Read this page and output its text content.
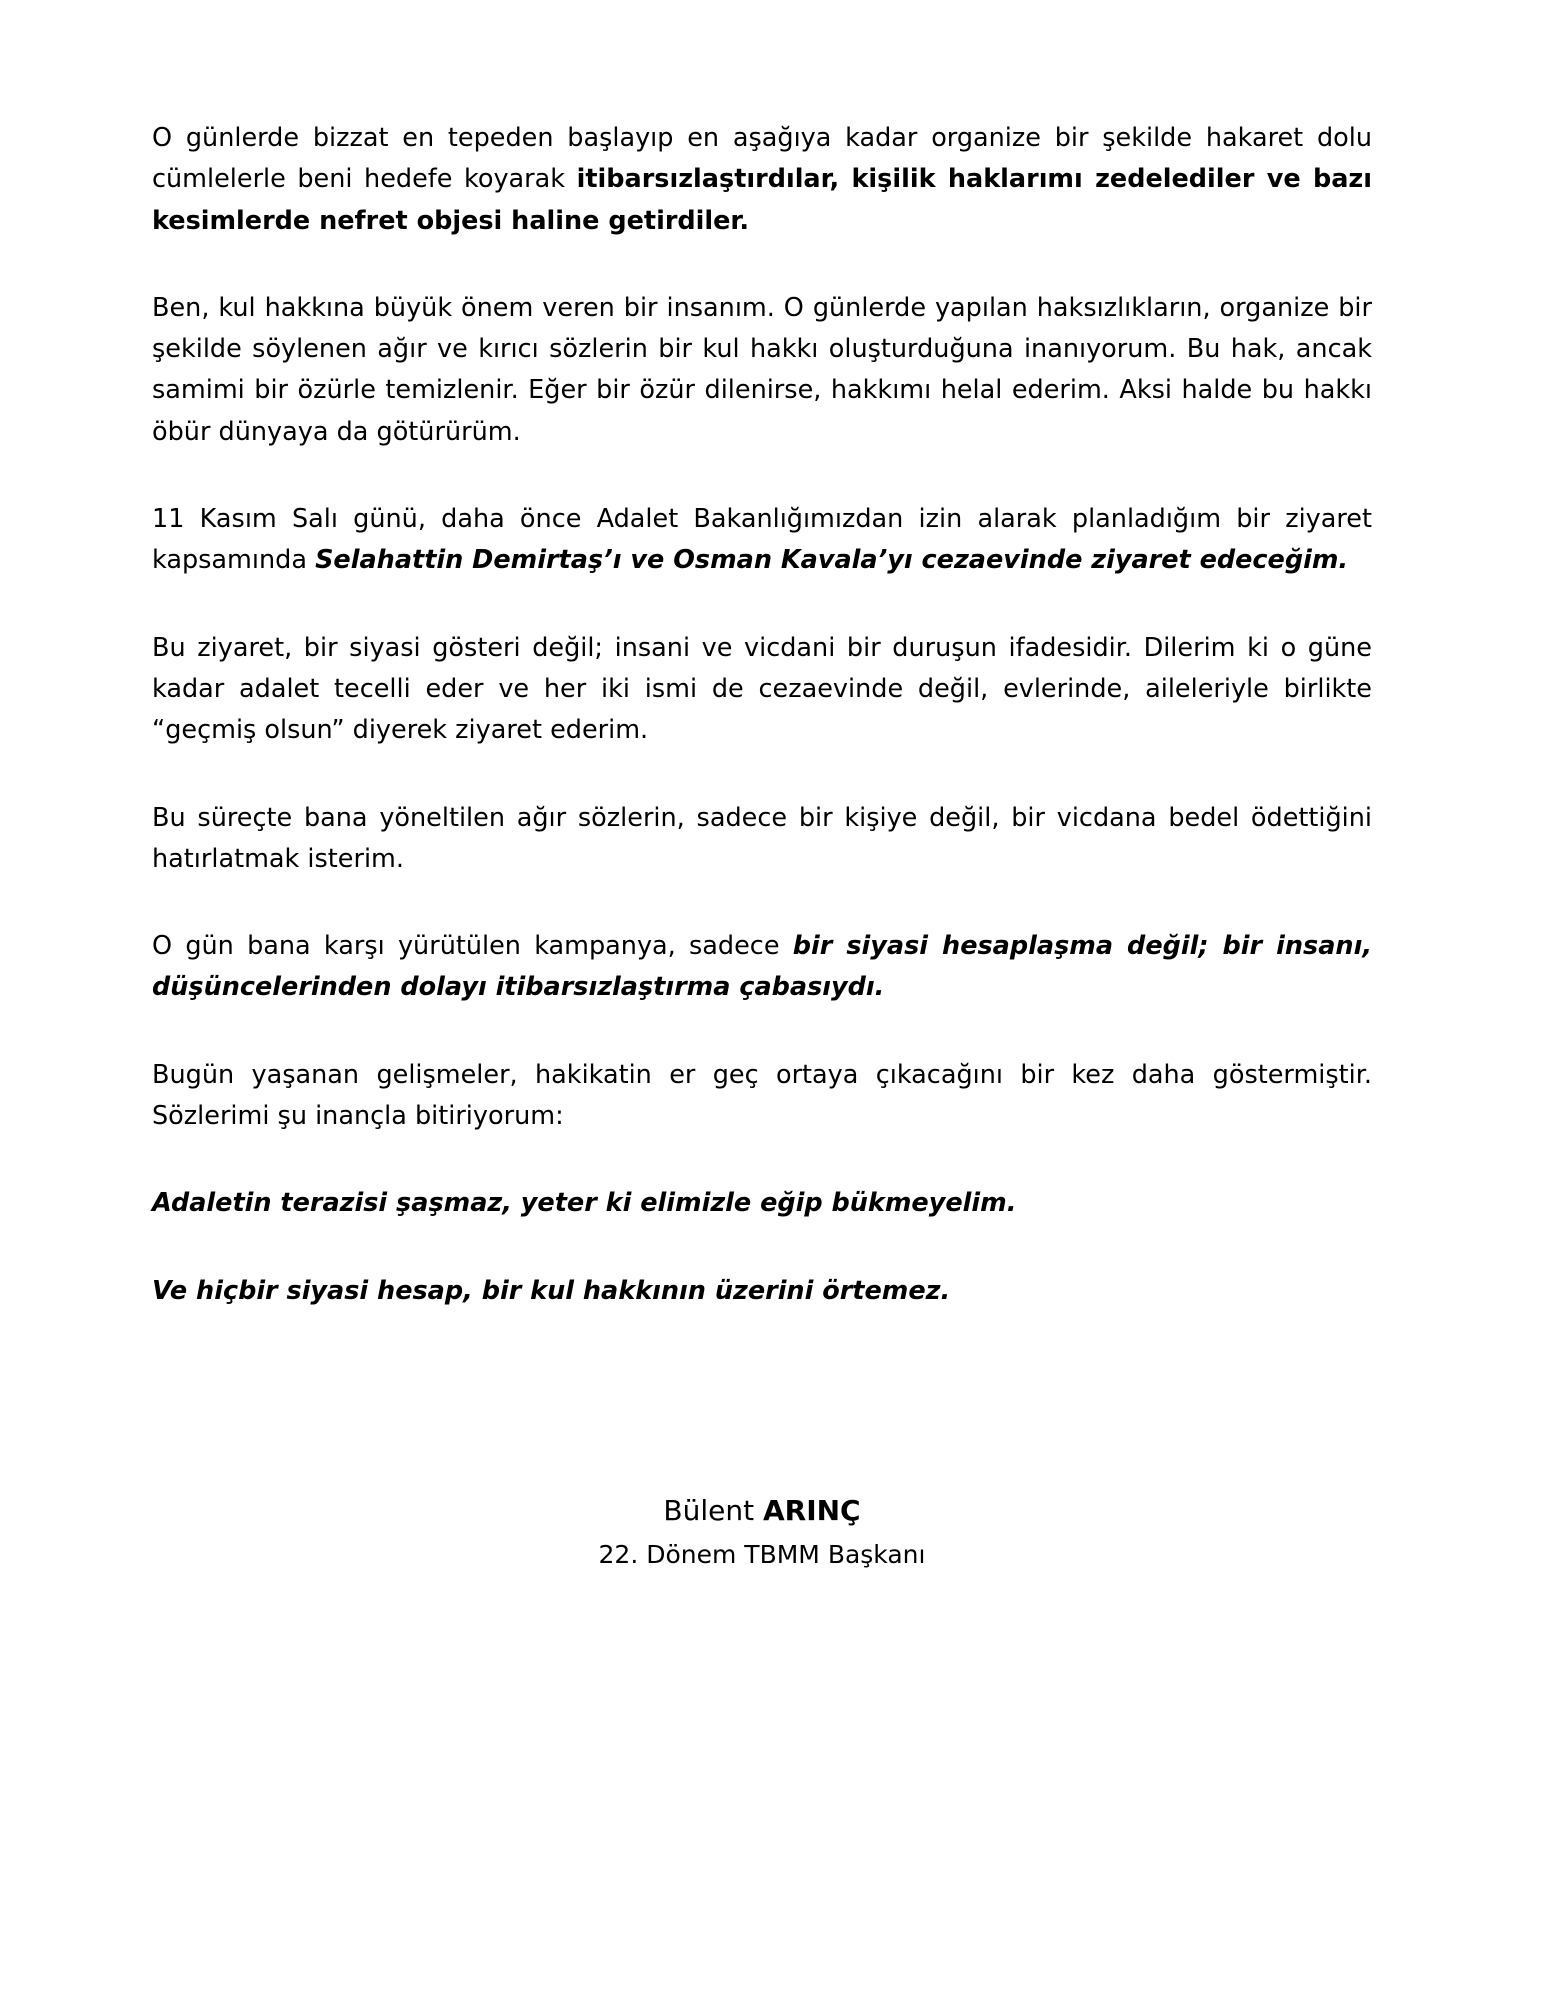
O günlerde bizzat en tepeden başlayıp en aşağıya kadar organize bir şekilde hakaret dolu cümlelerle beni hedefe koyarak itibarsızlaştırdılar, kişilik haklarımı zedelediler ve bazı kesimlerde nefret objesi haline getirdiler.

Ben, kul hakkına büyük önem veren bir insanım. O günlerde yapılan haksızlıkların, organize bir şekilde söylenen ağır ve kırıcı sözlerin bir kul hakkı oluşturduğuna inanıyorum. Bu hak, ancak samimi bir özürle temizlenir. Eğer bir özür dilenirse, hakkımı helal ederim. Aksi halde bu hakkı öbür dünyaya da götürürüm.

11 Kasım Salı günü, daha önce Adalet Bakanlığımızdan izin alarak planladığım bir ziyaret kapsamında Selahattin Demirtaş’ı ve Osman Kavala’yı cezaevinde ziyaret edeceğim.

Bu ziyaret, bir siyasi gösteri değil; insani ve vicdani bir duruşun ifadesidir. Dilerim ki o güne kadar adalet tecelli eder ve her iki ismi de cezaevinde değil, evlerinde, aileleriyle birlikte “geçmiş olsun” diyerek ziyaret ederim.

Bu süreçte bana yöneltilen ağır sözlerin, sadece bir kişiye değil, bir vicdana bedel ödettiğini hatırlatmak isterim.

O gün bana karşı yürütülen kampanya, sadece bir siyasi hesaplaşma değil; bir insanı, düşüncelerinden dolayı itibarsızlaştırma çabasıydı.

Bugün yaşanan gelişmeler, hakikatin er geç ortaya çıkacağını bir kez daha göstermiştir. Sözlerimi şu inançla bitiriyorum:

Adaletin terazisi şaşmaz, yeter ki elimizle eğip bükmeyelim.

Ve hiçbir siyasi hesap, bir kul hakkının üzerini örtemez.

Bülent ARINÇ
22. Dönem TBMM Başkanı
